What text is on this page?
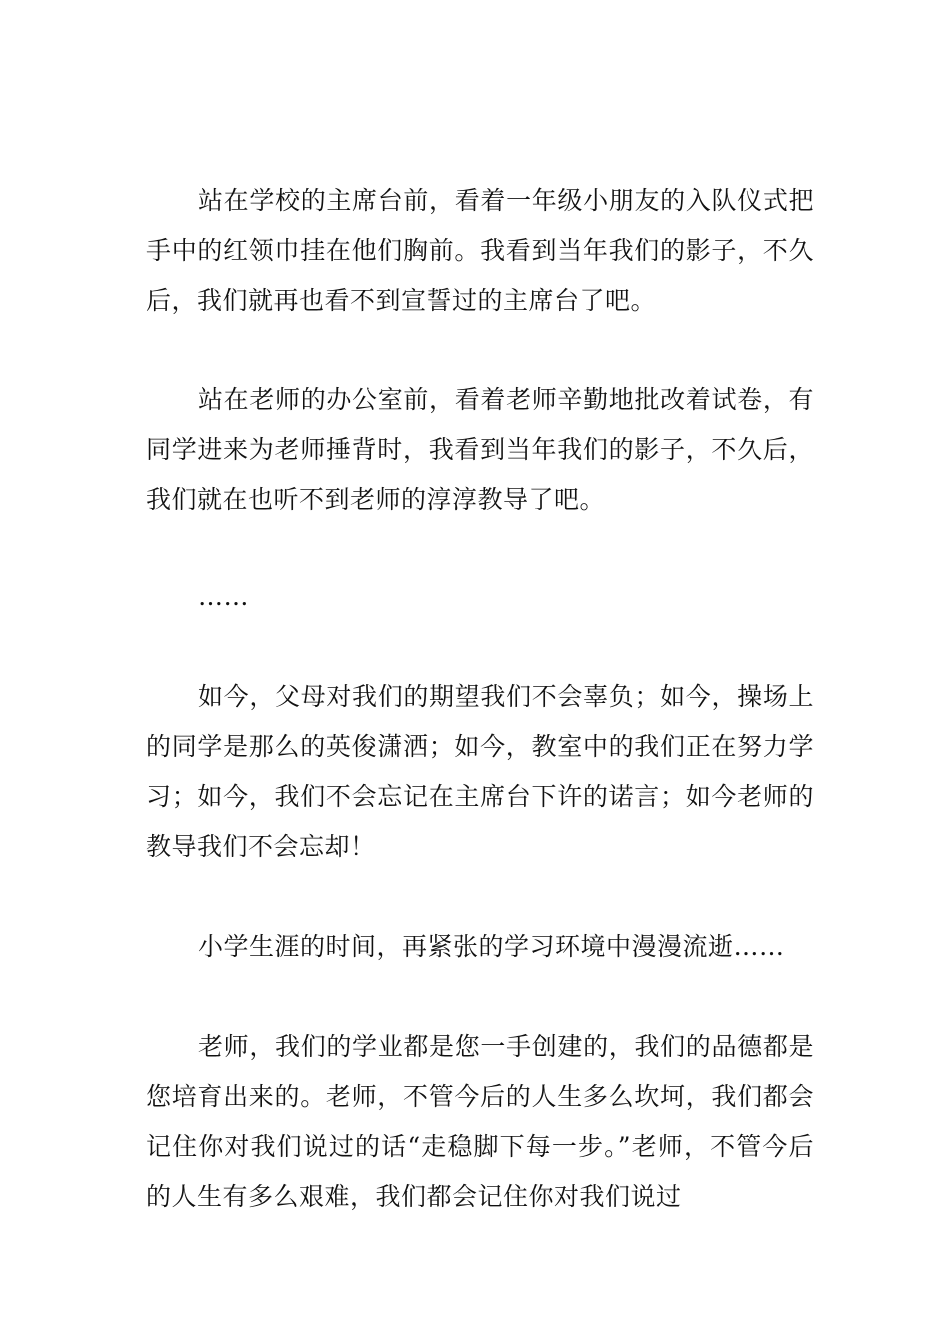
站在学校的主席台前，看着一年级小朋友的入队仪式把手中的红领巾挂在他们胸前。我看到当年我们的影子，不久后，我们就再也看不到宣誓过的主席台了吧。

站在老师的办公室前，看着老师辛勤地批改着试卷，有同学进来为老师捶背时，我看到当年我们的影子，不久后，我们就在也听不到老师的淳淳教导了吧。

……

如今，父母对我们的期望我们不会辜负；如今，操场上的同学是那么的英俊潇洒；如今，教室中的我们正在努力学习；如今，我们不会忘记在主席台下许的诺言；如今老师的教导我们不会忘却！

小学生涯的时间，再紧张的学习环境中漫漫流逝……

老师，我们的学业都是您一手创建的，我们的品德都是您培育出来的。老师，不管今后的人生多么坎坷，我们都会记住你对我们说过的话“走稳脚下每一步。”老师，不管今后的人生有多么艰难，我们都会记住你对我们说过
